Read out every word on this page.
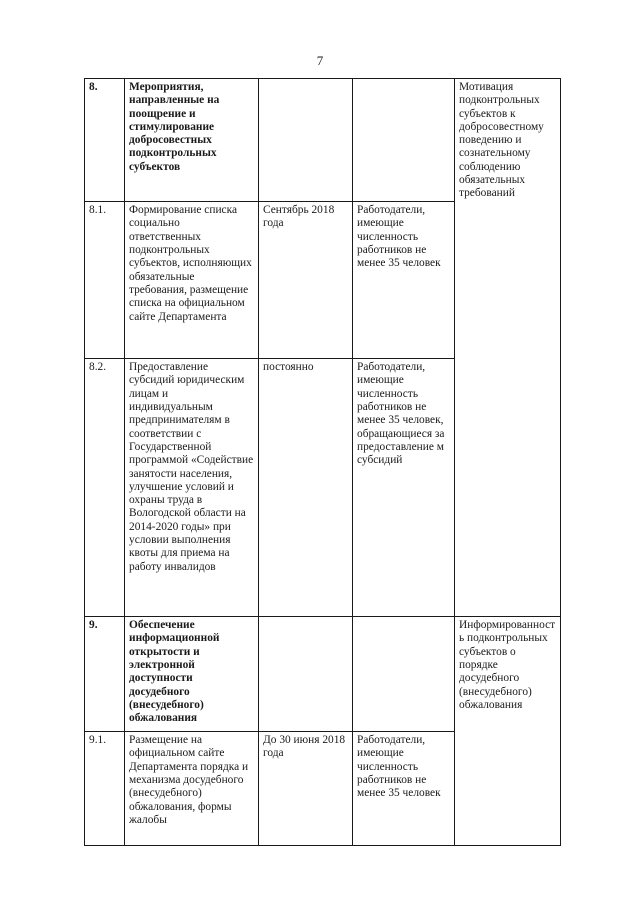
7
8.	Мероприятия, направленные на поощрение и стимулирование добросовестных подконтрольных субъектов			Мотивация подконтрольных субъектов к добросовестному поведению и сознательному соблюдению обязательных требований
8.1.	Формирование списка социально ответственных подконтрольных субъектов, исполняющих обязательные требования, размещение списка на официальном сайте Департамента	Сентябрь 2018 года	Работодатели, имеющие численность работников не менее 35 человек	
8.2.	Предоставление субсидий юридическим лицам и индивидуальным предпринимателям в соответствии с Государственной программой «Содействие занятости населения, улучшение условий и охраны труда в Вологодской области на 2014-2020 годы» при условии выполнения квоты для приема на работу инвалидов	постоянно	Работодатели, имеющие численность работников не менее 35 человек, обращающиеся за предоставление м субсидий	
9.	Обеспечение информационной открытости и электронной доступности досудебного (внесудебного) обжалования			Информированность подконтрольных субъектов о порядке досудебного (внесудебного) обжалования
9.1.	Размещение на официальном сайте Департамента порядка и механизма досудебного (внесудебного) обжалования, формы жалобы	До 30 июня 2018 года	Работодатели, имеющие численность работников не менее 35 человек	
